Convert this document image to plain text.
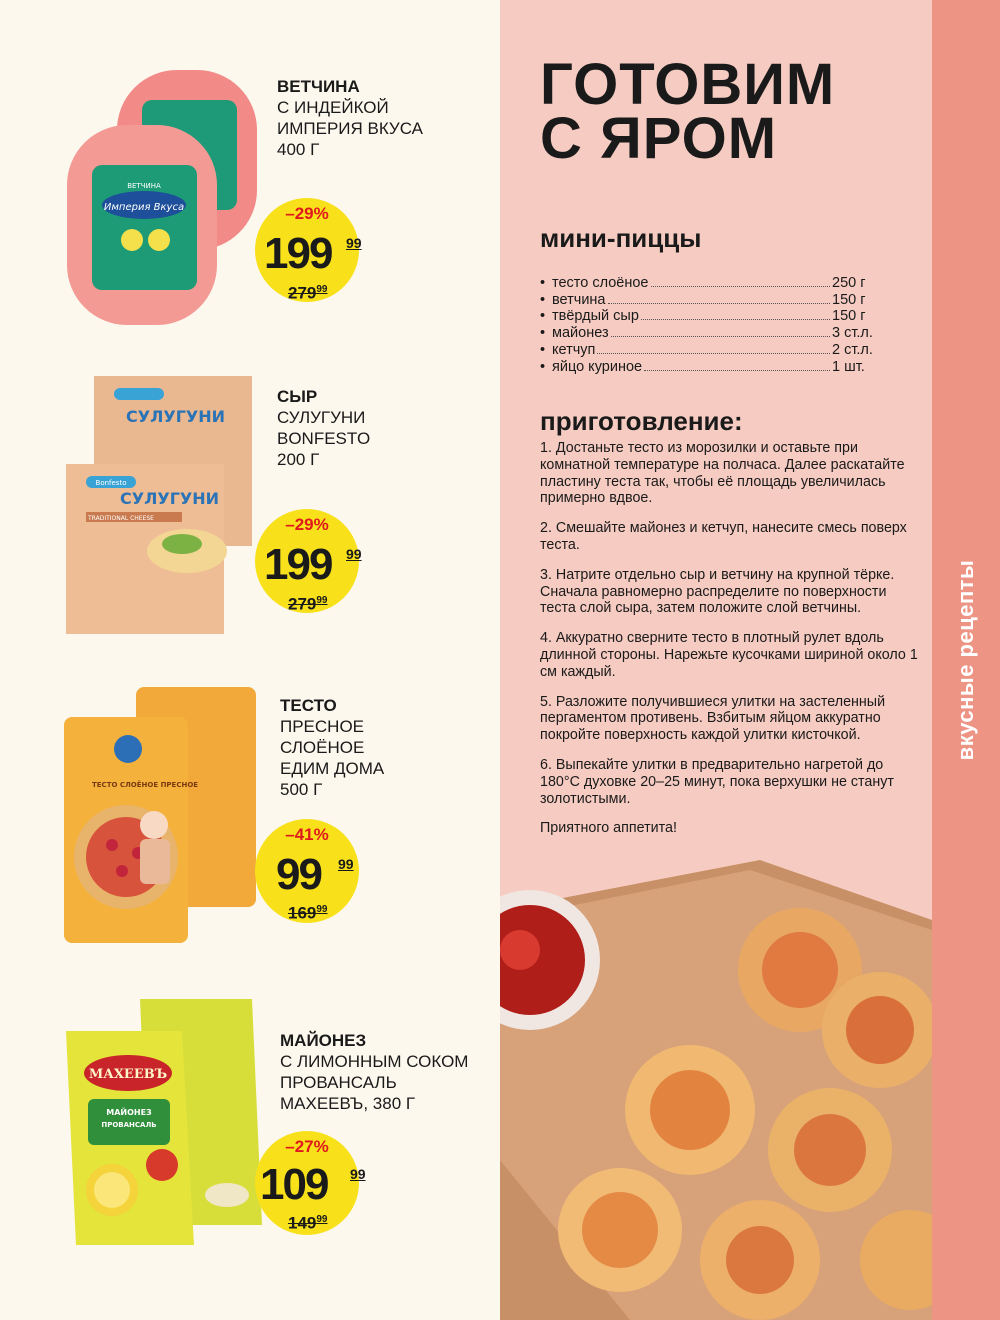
вкусные рецепты
Империя Вкуса
ВЕТЧИНА
ВЕТЧИНА
С ИНДЕЙКОЙ
ИМПЕРИЯ ВКУСА
400 Г
–29%
199 99
$279^{99}$
Bonfesto
СУЛУГУНИ
СУЛУГУНИ
TRADITIONAL CHEESE
СЫР
СУЛУГУНИ
BONFESTO
200 Г
–29%
199 99
$279^{99}$
ТЕСТО СЛОЁНОЕ ПРЕСНОЕ
ТЕСТО
ПРЕСНОЕ
СЛОЁНОЕ
ЕДИМ ДОМА
500 Г
–41%
99 99
$169^{99}$
МАХЕЕВЪ
МАЙОНЕЗ
ПРОВАНСАЛЬ
МАЙОНЕЗ
С ЛИМОННЫМ СОКОМ
ПРОВАНСАЛЬ
МАХЕЕВЪ, 380 Г
–27%
109 99
$149^{99}$
ГОТОВИМ
С ЯРОМ
мини-пиццы
• тесто слоёное	250 г
• ветчина	150 г
• твёрдый сыр	150 г
• майонез	3 ст.л.
• кетчуп	2 ст.л.
• яйцо куриное	1 шт.
приготовление:

1. Достаньте тесто из морозилки и оставьте при комнатной температуре на полчаса. Далее раскатайте пластину теста так, чтобы её площадь увеличилась примерно вдвое.

2. Смешайте майонез и кетчуп, нанесите смесь поверх теста.

3. Натрите отдельно сыр и ветчину на крупной тёрке. Сначала равномерно распределите по поверхности теста слой сыра, затем положите слой ветчины.

4. Аккуратно сверните тесто в плотный рулет вдоль длинной стороны. Нарежьте кусочками шириной около 1 см каждый.

5. Разложите получившиеся улитки на застеленный пергаментом противень. Взбитым яйцом аккуратно покройте поверхность каждой улитки кисточкой.

6. Выпекайте улитки в предварительно нагретой до 180°C духовке 20–25 минут, пока верхушки не станут золотистыми.

Приятного аппетита!
